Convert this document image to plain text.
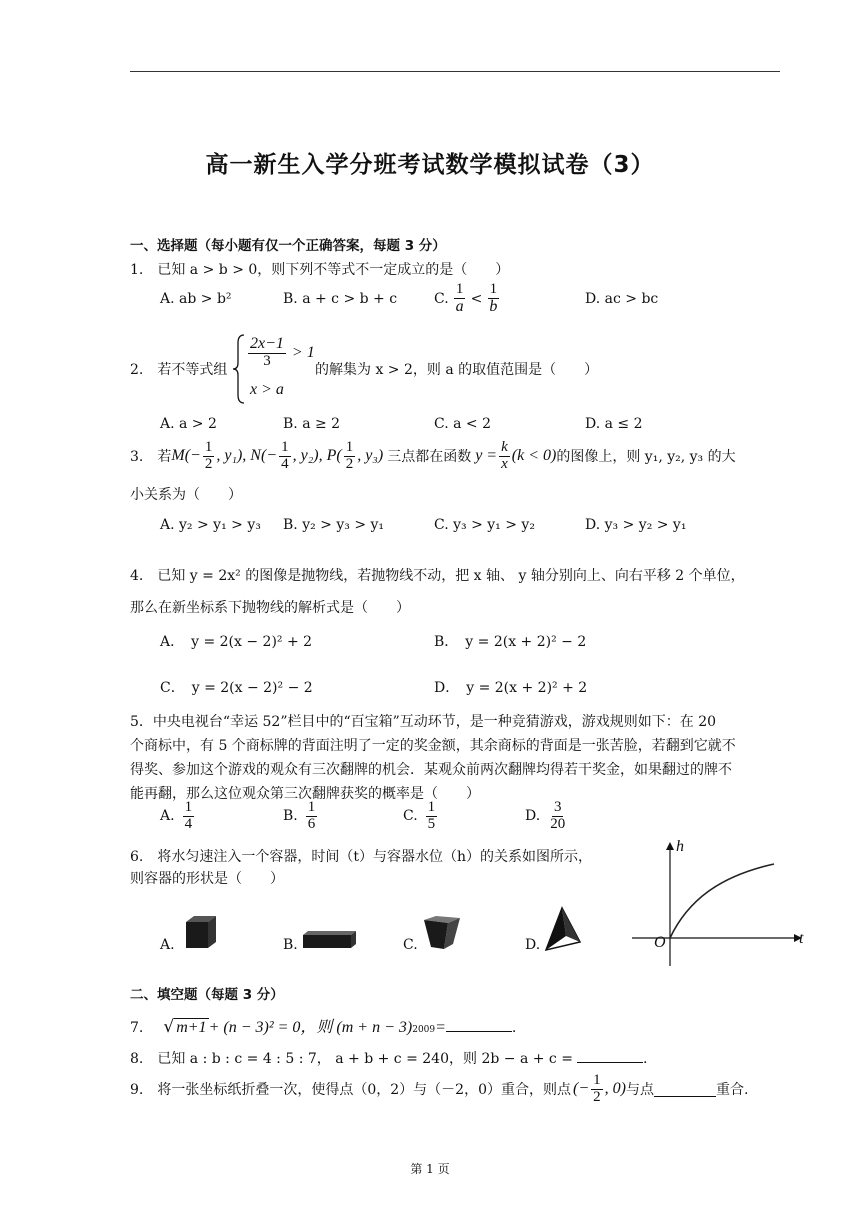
高一新生入学分班考试数学模拟试卷（3）
一、选择题（每小题有仅一个正确答案，每题 3 分）
1.　已知 a > b > 0，则下列不等式不一定成立的是（　　）
A. ab > b²	B. a + c > b + c	C. $\frac{1}{a} < \frac{1}{b}$	D. ac > bc
2.　若不等式组
$\frac{2x-1}{3} > 1$
x > a
的解集为 x > 2，则 a 的取值范围是（　　）
A. a > 2	B. a ≥ 2	C. a < 2	D. a ≤ 2
3.　若 $M(- \frac{1}{2}$ , y₁), $N(- \frac{1}{4}$ , y₂), $P( \frac{1}{2}$ , y₃) 三点都在函数 $y = \frac{k}{x} (k < 0)$ 的图像上，则 y₁, y₂, y₃ 的大
小关系为（　　）
A. y₂ > y₁ > y₃ B. y₂ > y₃ > y₁	C. y₃ > y₁ > y₂	D. y₃ > y₂ > y₁
4.　已知 y = 2x² 的图像是抛物线，若抛物线不动，把 x 轴、 y 轴分别向上、向右平移 2 个单位，
那么在新坐标系下抛物线的解析式是（　　）
A．　y = 2(x − 2)² + 2	B．　y = 2(x + 2)² − 2
C．　y = 2(x − 2)² − 2	D．　y = 2(x + 2)² + 2
5．中央电视台“幸运 52”栏目中的“百宝箱”互动环节，是一种竞猜游戏，游戏规则如下：在 20
个商标中，有 5 个商标牌的背面注明了一定的奖金额，其余商标的背面是一张苦脸，若翻到它就不
得奖、参加这个游戏的观众有三次翻牌的机会．某观众前两次翻牌均得若干奖金，如果翻过的牌不
能再翻，那么这位观众第三次翻牌获奖的概率是（　　）
A. $\frac{1}{4}$	B. $\frac{1}{6}$	C. $\frac{1}{5}$	D. $\frac{3}{20}$
6.　将水匀速注入一个容器，时间（t）与容器水位（h）的关系如图所示，
则容器的形状是（　　）
A.	B.	C.	D.
h
t
O
二、填空题（每题 3 分）
7. √ m+1 + (n − 3)² = 0，则 $(m + n - 3)_{2009}$ =	.
8.　已知 a : b : c = 4 : 5 : 7， a + b + c = 240，则 2b − a + c =	.
9.　将一张坐标纸折叠一次，使得点（0，2）与（－2，0）重合，则点 (− $\frac{1}{2}$ , 0) 与点	重合.
第 1 页
